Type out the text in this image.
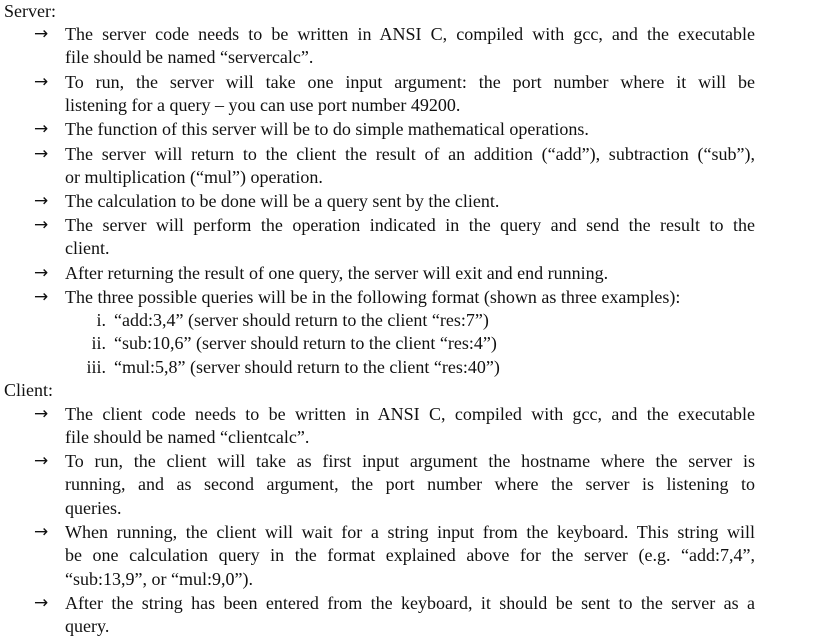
Server:
→ The server code needs to be written in ANSI C, compiled with gcc, and the executable
file should be named “servercalc”.
→ To run, the server will take one input argument: the port number where it will be
listening for a query – you can use port number 49200.
→ The function of this server will be to do simple mathematical operations.
→ The server will return to the client the result of an addition (“add”), subtraction (“sub”),
or multiplication (“mul”) operation.
→ The calculation to be done will be a query sent by the client.
→ The server will perform the operation indicated in the query and send the result to the
client.
→ After returning the result of one query, the server will exit and end running.
→ The three possible queries will be in the following format (shown as three examples):
i. “add:3,4” (server should return to the client “res:7”)
ii. “sub:10,6” (server should return to the client “res:4”)
iii. “mul:5,8” (server should return to the client “res:40”)
Client:
→ The client code needs to be written in ANSI C, compiled with gcc, and the executable
file should be named “clientcalc”.
→ To run, the client will take as first input argument the hostname where the server is
running, and as second argument, the port number where the server is listening to
queries.
→ When running, the client will wait for a string input from the keyboard. This string will
be one calculation query in the format explained above for the server (e.g. “add:7,4”,
“sub:13,9”, or “mul:9,0”).
→ After the string has been entered from the keyboard, it should be sent to the server as a
query.
